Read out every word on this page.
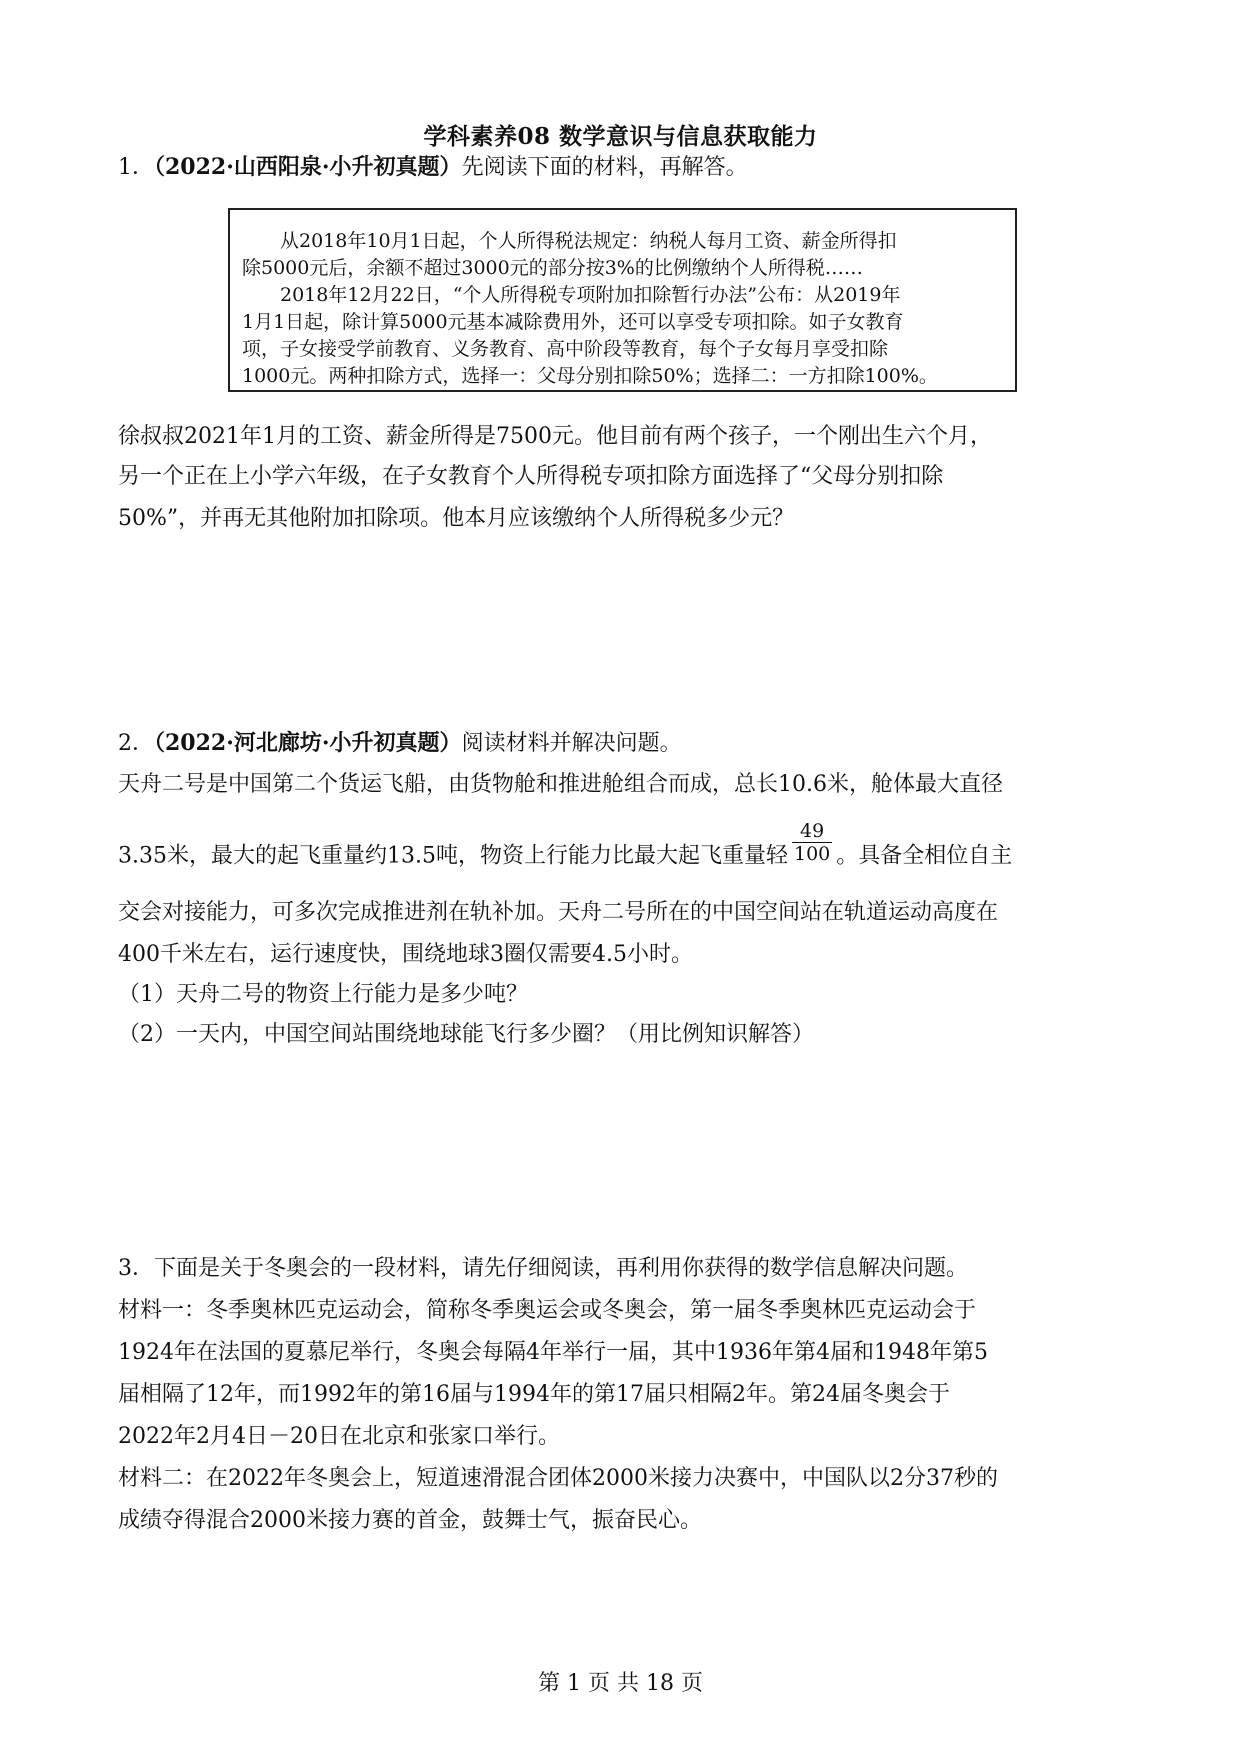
学科素养08 数学意识与信息获取能力
1．（2022·山西阳泉·小升初真题）先阅读下面的材料，再解答。

从2018年10月1日起，个人所得税法规定：纳税人每月工资、薪金所得扣

除5000元后，余额不超过3000元的部分按3%的比例缴纳个人所得税……

2018年12月22日，“个人所得税专项附加扣除暂行办法”公布：从2019年

1月1日起，除计算5000元基本减除费用外，还可以享受专项扣除。如子女教育

项，子女接受学前教育、义务教育、高中阶段等教育，每个子女每月享受扣除

1000元。两种扣除方式，选择一：父母分别扣除50%；选择二：一方扣除100%。

徐叔叔2021年1月的工资、薪金所得是7500元。他目前有两个孩子，一个刚出生六个月，
另一个正在上小学六年级，在子女教育个人所得税专项扣除方面选择了“父母分别扣除
50%”，并再无其他附加扣除项。他本月应该缴纳个人所得税多少元？
2．（2022·河北廊坊·小升初真题）阅读材料并解决问题。
天舟二号是中国第二个货运飞船，由货物舱和推进舱组合而成，总长10.6米，舱体最大直径
3.35米，最大的起飞重量约13.5吨，物资上行能力比最大起飞重量轻 $\frac{49}{100}$ 。具备全相位自主
交会对接能力，可多次完成推进剂在轨补加。天舟二号所在的中国空间站在轨道运动高度在
400千米左右，运行速度快，围绕地球3圈仅需要4.5小时。
（1）天舟二号的物资上行能力是多少吨？
（2）一天内，中国空间站围绕地球能飞行多少圈？（用比例知识解答）
3．下面是关于冬奥会的一段材料，请先仔细阅读，再利用你获得的数学信息解决问题。
材料一：冬季奥林匹克运动会，简称冬季奥运会或冬奥会，第一届冬季奥林匹克运动会于
1924年在法国的夏慕尼举行，冬奥会每隔4年举行一届，其中1936年第4届和1948年第5
届相隔了12年，而1992年的第16届与1994年的第17届只相隔2年。第24届冬奥会于
2022年2月4日－20日在北京和张家口举行。
材料二：在2022年冬奥会上，短道速滑混合团体2000米接力决赛中，中国队以2分37秒的
成绩夺得混合2000米接力赛的首金，鼓舞士气，振奋民心。
第 1 页 共 18 页
